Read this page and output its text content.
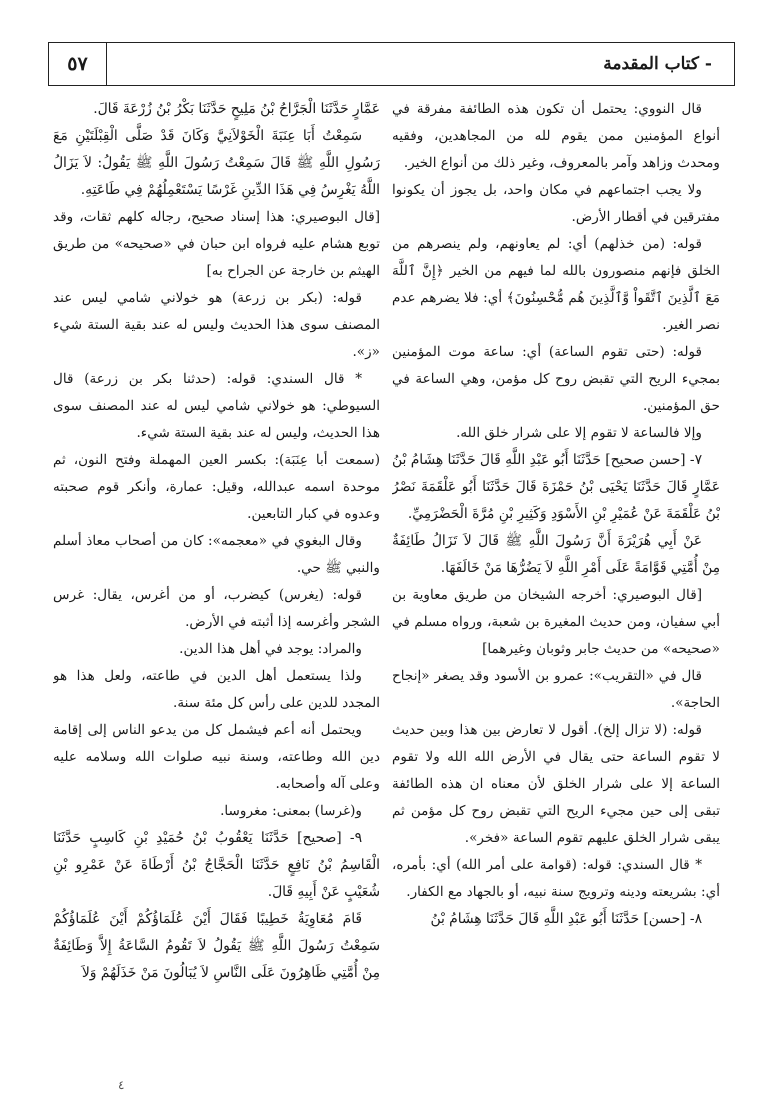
٥٧	- كتاب المقدمة

قال النووي: يحتمل أن تكون هذه الطائفة مفرقة في أنواع المؤمنين ممن يقوم لله من المجاهدين، وفقيه ومحدث وزاهد وآمر بالمعروف، وغير ذلك من أنواع الخير.

ولا يجب اجتماعهم في مكان واحد، بل يجوز أن يكونوا مفترقين في أقطار الأرض.

قوله: (من خذلهم) أي: لم يعاونهم، ولم ينصرهم من الخلق فإنهم منصورون بالله لما فيهم من الخير ﴿إِنَّ ٱللَّهَ مَعَ ٱلَّذِينَ ٱتَّقَواْ وَّٱلَّذِينَ هُم مُّحْسِنُونَ﴾ أي: فلا يضرهم عدم نصر الغير.

قوله: (حتى تقوم الساعة) أي: ساعة موت المؤمنين بمجيء الريح التي تقبض روح كل مؤمن، وهي الساعة في حق المؤمنين.

وإلا فالساعة لا تقوم إلا على شرار خلق الله.

٧- [حسن صحيح] حَدَّثَنَا أَبُو عَبْدِ اللَّهِ قَالَ حَدَّثَنَا هِشَامُ بْنُ عَمَّارٍ قَالَ حَدَّثَنَا يَحْيَى بْنُ حَمْزَةَ قَالَ حَدَّثَنَا أَبُو عَلْقَمَةَ نَصْرُ بْنُ عَلْقَمَةَ عَنْ عُمَيْرِ بْنِ الأَسْوَدِ وَكَثِيرِ بْنِ مُرَّةَ الْحَضْرَمِيِّ.

عَنْ أَبِي هُرَيْرَةَ أَنَّ رَسُولَ اللَّهِ ﷺ قَالَ لاَ تَزَالُ طَائِفَةٌ مِنْ أُمَّتِي قَوَّامَةً عَلَى أَمْرِ اللَّهِ لاَ يَضُرُّهَا مَنْ خَالَفَهَا.

[قال البوصيري: أخرجه الشيخان من طريق معاوية بن أبي سفيان، ومن حديث المغيرة بن شعبة، ورواه مسلم في «صحيحه» من حديث جابر وثوبان وغيرهما]

قال في «التقريب»: عمرو بن الأسود وقد يصغر «إنجاح الحاجة».

قوله: (لا تزال إلخ). أقول لا تعارض بين هذا وبين حديث لا تقوم الساعة حتى يقال في الأرض الله الله ولا تقوم الساعة إلا على شرار الخلق لأن معناه ان هذه الطائفة تبقى إلى حين مجيء الريح التي تقبض روح كل مؤمن ثم يبقى شرار الخلق عليهم تقوم الساعة «فخر».

* قال السندي: قوله: (قوامة على أمر الله) أي: بأمره، أي: بشريعته ودينه وترويج سنة نبيه، أو بالجهاد مع الكفار.

٨- [حسن] حَدَّثَنَا أَبُو عَبْدِ اللَّهِ قَالَ حَدَّثَنَا هِشَامُ بْنُ

عَمَّارٍ حَدَّثَنَا الْجَرَّاحُ بْنُ مَلِيحٍ حَدَّثَنَا بَكْرُ بْنُ زُرْعَةَ قَالَ.

سَمِعْتُ أَبَا عِنَبَةَ الْخَوْلاَنِيَّ وَكَانَ قَدْ صَلَّى الْقِبْلَتَيْنِ مَعَ رَسُولِ اللَّهِ ﷺ قَالَ سَمِعْتُ رَسُولَ اللَّهِ ﷺ يَقُولُ: لاَ يَزَالُ اللَّهُ يَغْرِسُ فِي هَذَا الدِّينِ غَرْسًا يَسْتَعْمِلُهُمْ فِي طَاعَتِهِ.

[قال البوصيري: هذا إسناد صحيح، رجاله كلهم ثقات، وقد توبع هشام عليه فرواه ابن حبان في «صحيحه» من طريق الهيثم بن خارجة عن الجراح به]

قوله: (بكر بن زرعة) هو خولاني شامي ليس عند المصنف سوى هذا الحديث وليس له عند بقية الستة شيء «ز».

* قال السندي: قوله: (حدثنا بكر بن زرعة) قال السيوطي: هو خولاني شامي ليس له عند المصنف سوى هذا الحديث، وليس له عند بقية الستة شيء.

(سمعت أبا عِنَبَة): بكسر العين المهملة وفتح النون، ثم موحدة اسمه عبدالله، وقيل: عمارة، وأنكر قوم صحبته وعدوه في كبار التابعين.

وقال البغوي في «معجمه»: كان من أصحاب معاذ أسلم والنبي ﷺ حي.

قوله: (يغرس) كيضرب، أو من أغرس، يقال: غرس الشجر وأغرسه إذا أثبته في الأرض.

والمراد: يوجد في أهل هذا الدين.

ولذا يستعمل أهل الدين في طاعته، ولعل هذا هو المجدد للدين على رأس كل مئة سنة.

ويحتمل أنه أعم فيشمل كل من يدعو الناس إلى إقامة دين الله وطاعته، وسنة نبيه صلوات الله وسلامه عليه وعلى آله وأصحابه.

و(غرسا) بمعنى: مغروسا.

٩- [صحيح] حَدَّثَنَا يَعْقُوبُ بْنُ حُمَيْدِ بْنِ كَاسِبٍ حَدَّثَنَا الْقَاسِمُ بْنُ نَافِعٍ حَدَّثَنَا الْحَجَّاجُ بْنُ أَرْطَاةَ عَنْ عَمْرِو بْنِ شُعَيْبٍ عَنْ أَبِيهِ قَالَ.

قَامَ مُعَاوِيَةُ خَطِيبًا فَقَالَ أَيْنَ عُلَمَاؤُكُمْ أَيْنَ عُلَمَاؤُكُمْ سَمِعْتُ رَسُولَ اللَّهِ ﷺ يَقُولُ لاَ تَقُومُ السَّاعَةُ إِلاَّ وَطَائِفَةٌ مِنْ أُمَّتِي ظَاهِرُونَ عَلَى النَّاسِ لاَ يُبَالُونَ مَنْ خَذَلَهُمْ وَلاَ

٤
